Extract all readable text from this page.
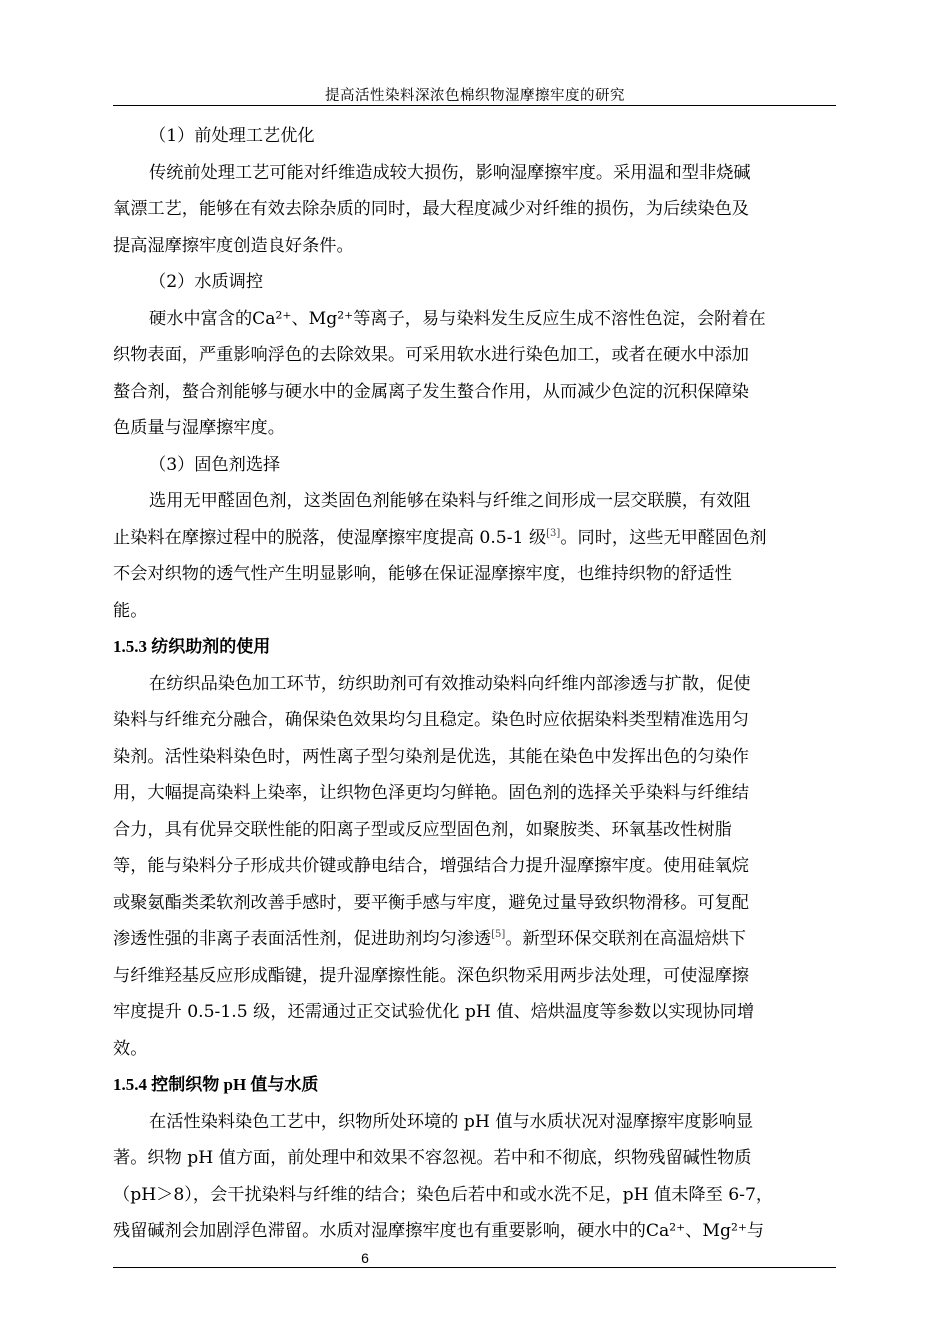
提高活性染料深浓色棉织物湿摩擦牢度的研究
（1）前处理工艺优化
传统前处理工艺可能对纤维造成较大损伤，影响湿摩擦牢度。采用温和型非烧碱
氧漂工艺，能够在有效去除杂质的同时，最大程度减少对纤维的损伤，为后续染色及
提高湿摩擦牢度创造良好条件。
（2）水质调控
硬水中富含的Ca²⁺、Mg²⁺等离子，易与染料发生反应生成不溶性色淀，会附着在
织物表面，严重影响浮色的去除效果。可采用软水进行染色加工，或者在硬水中添加
螯合剂，螯合剂能够与硬水中的金属离子发生螯合作用，从而减少色淀的沉积保障染
色质量与湿摩擦牢度。
（3）固色剂选择
选用无甲醛固色剂，这类固色剂能够在染料与纤维之间形成一层交联膜，有效阻
止染料在摩擦过程中的脱落，使湿摩擦牢度提高 0.5-1 级[3]。同时，这些无甲醛固色剂
不会对织物的透气性产生明显影响，能够在保证湿摩擦牢度，也维持织物的舒适性
能。
1.5.3 纺织助剂的使用
在纺织品染色加工环节，纺织助剂可有效推动染料向纤维内部渗透与扩散，促使
染料与纤维充分融合，确保染色效果均匀且稳定。染色时应依据染料类型精准选用匀
染剂。活性染料染色时，两性离子型匀染剂是优选，其能在染色中发挥出色的匀染作
用，大幅提高染料上染率，让织物色泽更均匀鲜艳。固色剂的选择关乎染料与纤维结
合力，具有优异交联性能的阳离子型或反应型固色剂，如聚胺类、环氧基改性树脂
等，能与染料分子形成共价键或静电结合，增强结合力提升湿摩擦牢度。使用硅氧烷
或聚氨酯类柔软剂改善手感时，要平衡手感与牢度，避免过量导致织物滑移。可复配
渗透性强的非离子表面活性剂，促进助剂均匀渗透[5]。新型环保交联剂在高温焙烘下
与纤维羟基反应形成酯键，提升湿摩擦性能。深色织物采用两步法处理，可使湿摩擦
牢度提升 0.5-1.5 级，还需通过正交试验优化 pH 值、焙烘温度等参数以实现协同增
效。
1.5.4 控制织物 pH 值与水质
在活性染料染色工艺中，织物所处环境的 pH 值与水质状况对湿摩擦牢度影响显
著。织物 pH 值方面，前处理中和效果不容忽视。若中和不彻底，织物残留碱性物质
（pH＞8），会干扰染料与纤维的结合；染色后若中和或水洗不足，pH 值未降至 6-7，
残留碱剂会加剧浮色滞留。水质对湿摩擦牢度也有重要影响，硬水中的Ca²⁺、Mg²⁺与
6
